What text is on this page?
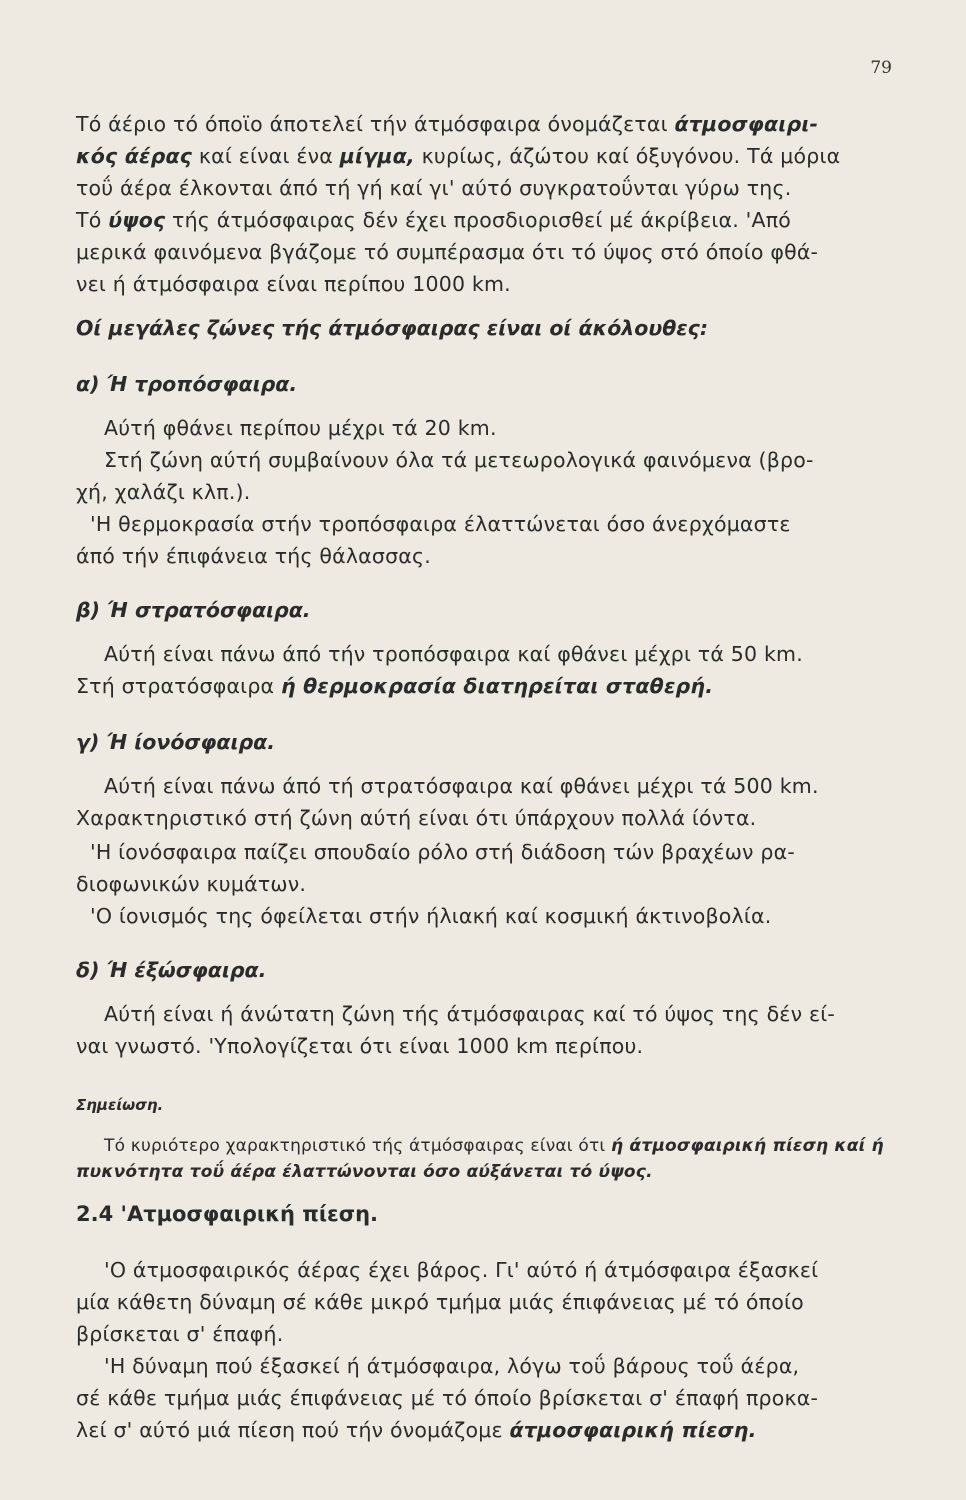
79
Τό άέριο τό όποϊο άποτελεί τήν άτμόσφαιρα όνομάζεται άτμοσφαιρι-
κός άέρας καί είναι ένα μίγμα, κυρίως, άζώτου καί όξυγόνου. Τά μόρια
τοΰ άέρα έλκονται άπό τή γή καί γι' αύτό συγκρατοΰνται γύρω της.
Τό ύψος τής άτμόσφαιρας δέν έχει προσδιορισθεί μέ άκρίβεια. 'Από
μερικά φαινόμενα βγάζομε τό συμπέρασμα ότι τό ύψος στό όποίο φθά-
νει ή άτμόσφαιρα είναι περίπου 1000 km.
Οί μεγάλες ζώνες τής άτμόσφαιρας είναι οί άκόλουθες:
α) Ή τροπόσφαιρα.
Αύτή φθάνει περίπου μέχρι τά 20 km.
Στή ζώνη αύτή συμβαίνουν όλα τά μετεωρολογικά φαινόμενα (βρο-
χή, χαλάζι κλπ.).
'Η θερμοκρασία στήν τροπόσφαιρα έλαττώνεται όσο άνερχόμαστε
άπό τήν έπιφάνεια τής θάλασσας.
β) Ή στρατόσφαιρα.
Αύτή είναι πάνω άπό τήν τροπόσφαιρα καί φθάνει μέχρι τά 50 km.
Στή στρατόσφαιρα ή θερμοκρασία διατηρείται σταθερή.
γ) Ή ίονόσφαιρα.
Αύτή είναι πάνω άπό τή στρατόσφαιρα καί φθάνει μέχρι τά 500 km.
Χαρακτηριστικό στή ζώνη αύτή είναι ότι ύπάρχουν πολλά ίόντα.
'Η ίονόσφαιρα παίζει σπουδαίο ρόλο στή διάδοση τών βραχέων ρα-
διοφωνικών κυμάτων.
'Ο ίονισμός της όφείλεται στήν ήλιακή καί κοσμική άκτινοβολία.
δ) Ή έξώσφαιρα.
Αύτή είναι ή άνώτατη ζώνη τής άτμόσφαιρας καί τό ύψος της δέν εί-
ναι γνωστό. 'Υπολογίζεται ότι είναι 1000 km περίπου.
Σημείωση.
Τό κυριότερο χαρακτηριστικό τής άτμόσφαιρας είναι ότι ή άτμοσφαιρική πίεση καί ή
πυκνότητα τοΰ άέρα έλαττώνονται όσο αύξάνεται τό ύψος.
2.4 'Ατμοσφαιρική πίεση.
'Ο άτμοσφαιρικός άέρας έχει βάρος. Γι' αύτό ή άτμόσφαιρα έξασκεί
μία κάθετη δύναμη σέ κάθε μικρό τμήμα μιάς έπιφάνειας μέ τό όποίο
βρίσκεται σ' έπαφή.
'Η δύναμη πού έξασκεί ή άτμόσφαιρα, λόγω τοΰ βάρους τοΰ άέρα,
σέ κάθε τμήμα μιάς έπιφάνειας μέ τό όποίο βρίσκεται σ' έπαφή προκα-
λεί σ' αύτό μιά πίεση πού τήν όνομάζομε άτμοσφαιρική πίεση.
